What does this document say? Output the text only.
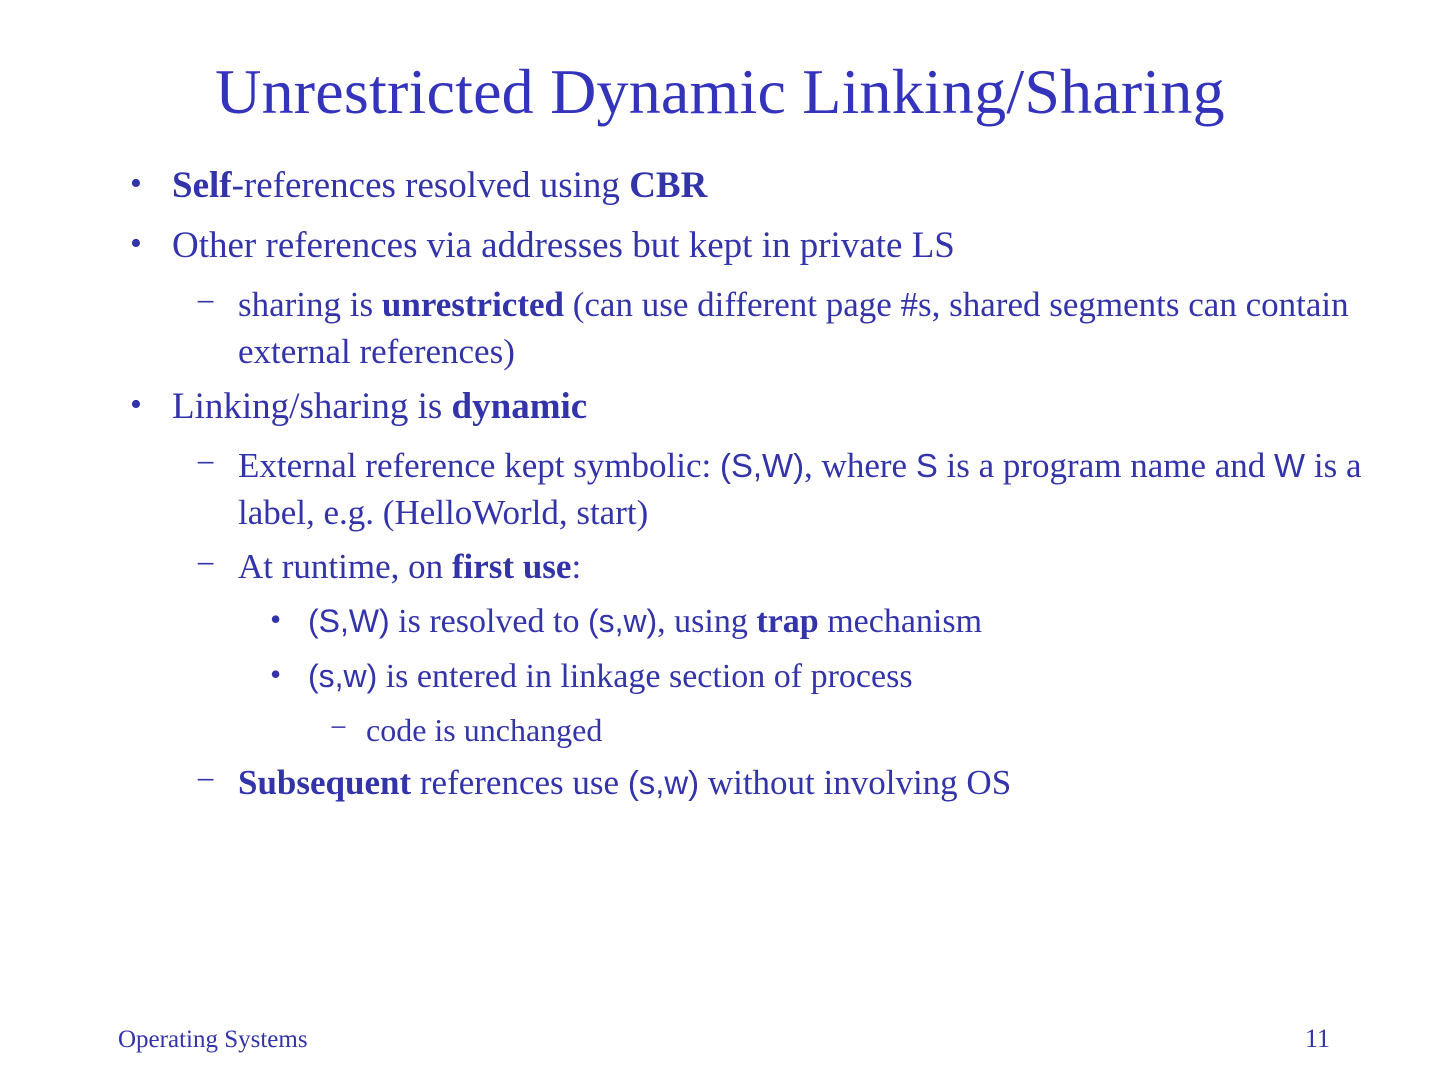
Unrestricted Dynamic Linking/Sharing
• Self-references resolved using CBR
• Other references via addresses but kept in private LS
− sharing is unrestricted (can use different page #s, shared segments can contain external references)
• Linking/sharing is dynamic
− External reference kept symbolic: (S,W), where S is a program name and W is a label, e.g. (HelloWorld, start)
− At runtime, on first use:
• (S,W) is resolved to (s,w), using trap mechanism
• (s,w) is entered in linkage section of process
− code is unchanged
− Subsequent references use (s,w) without involving OS
Operating Systems	11
